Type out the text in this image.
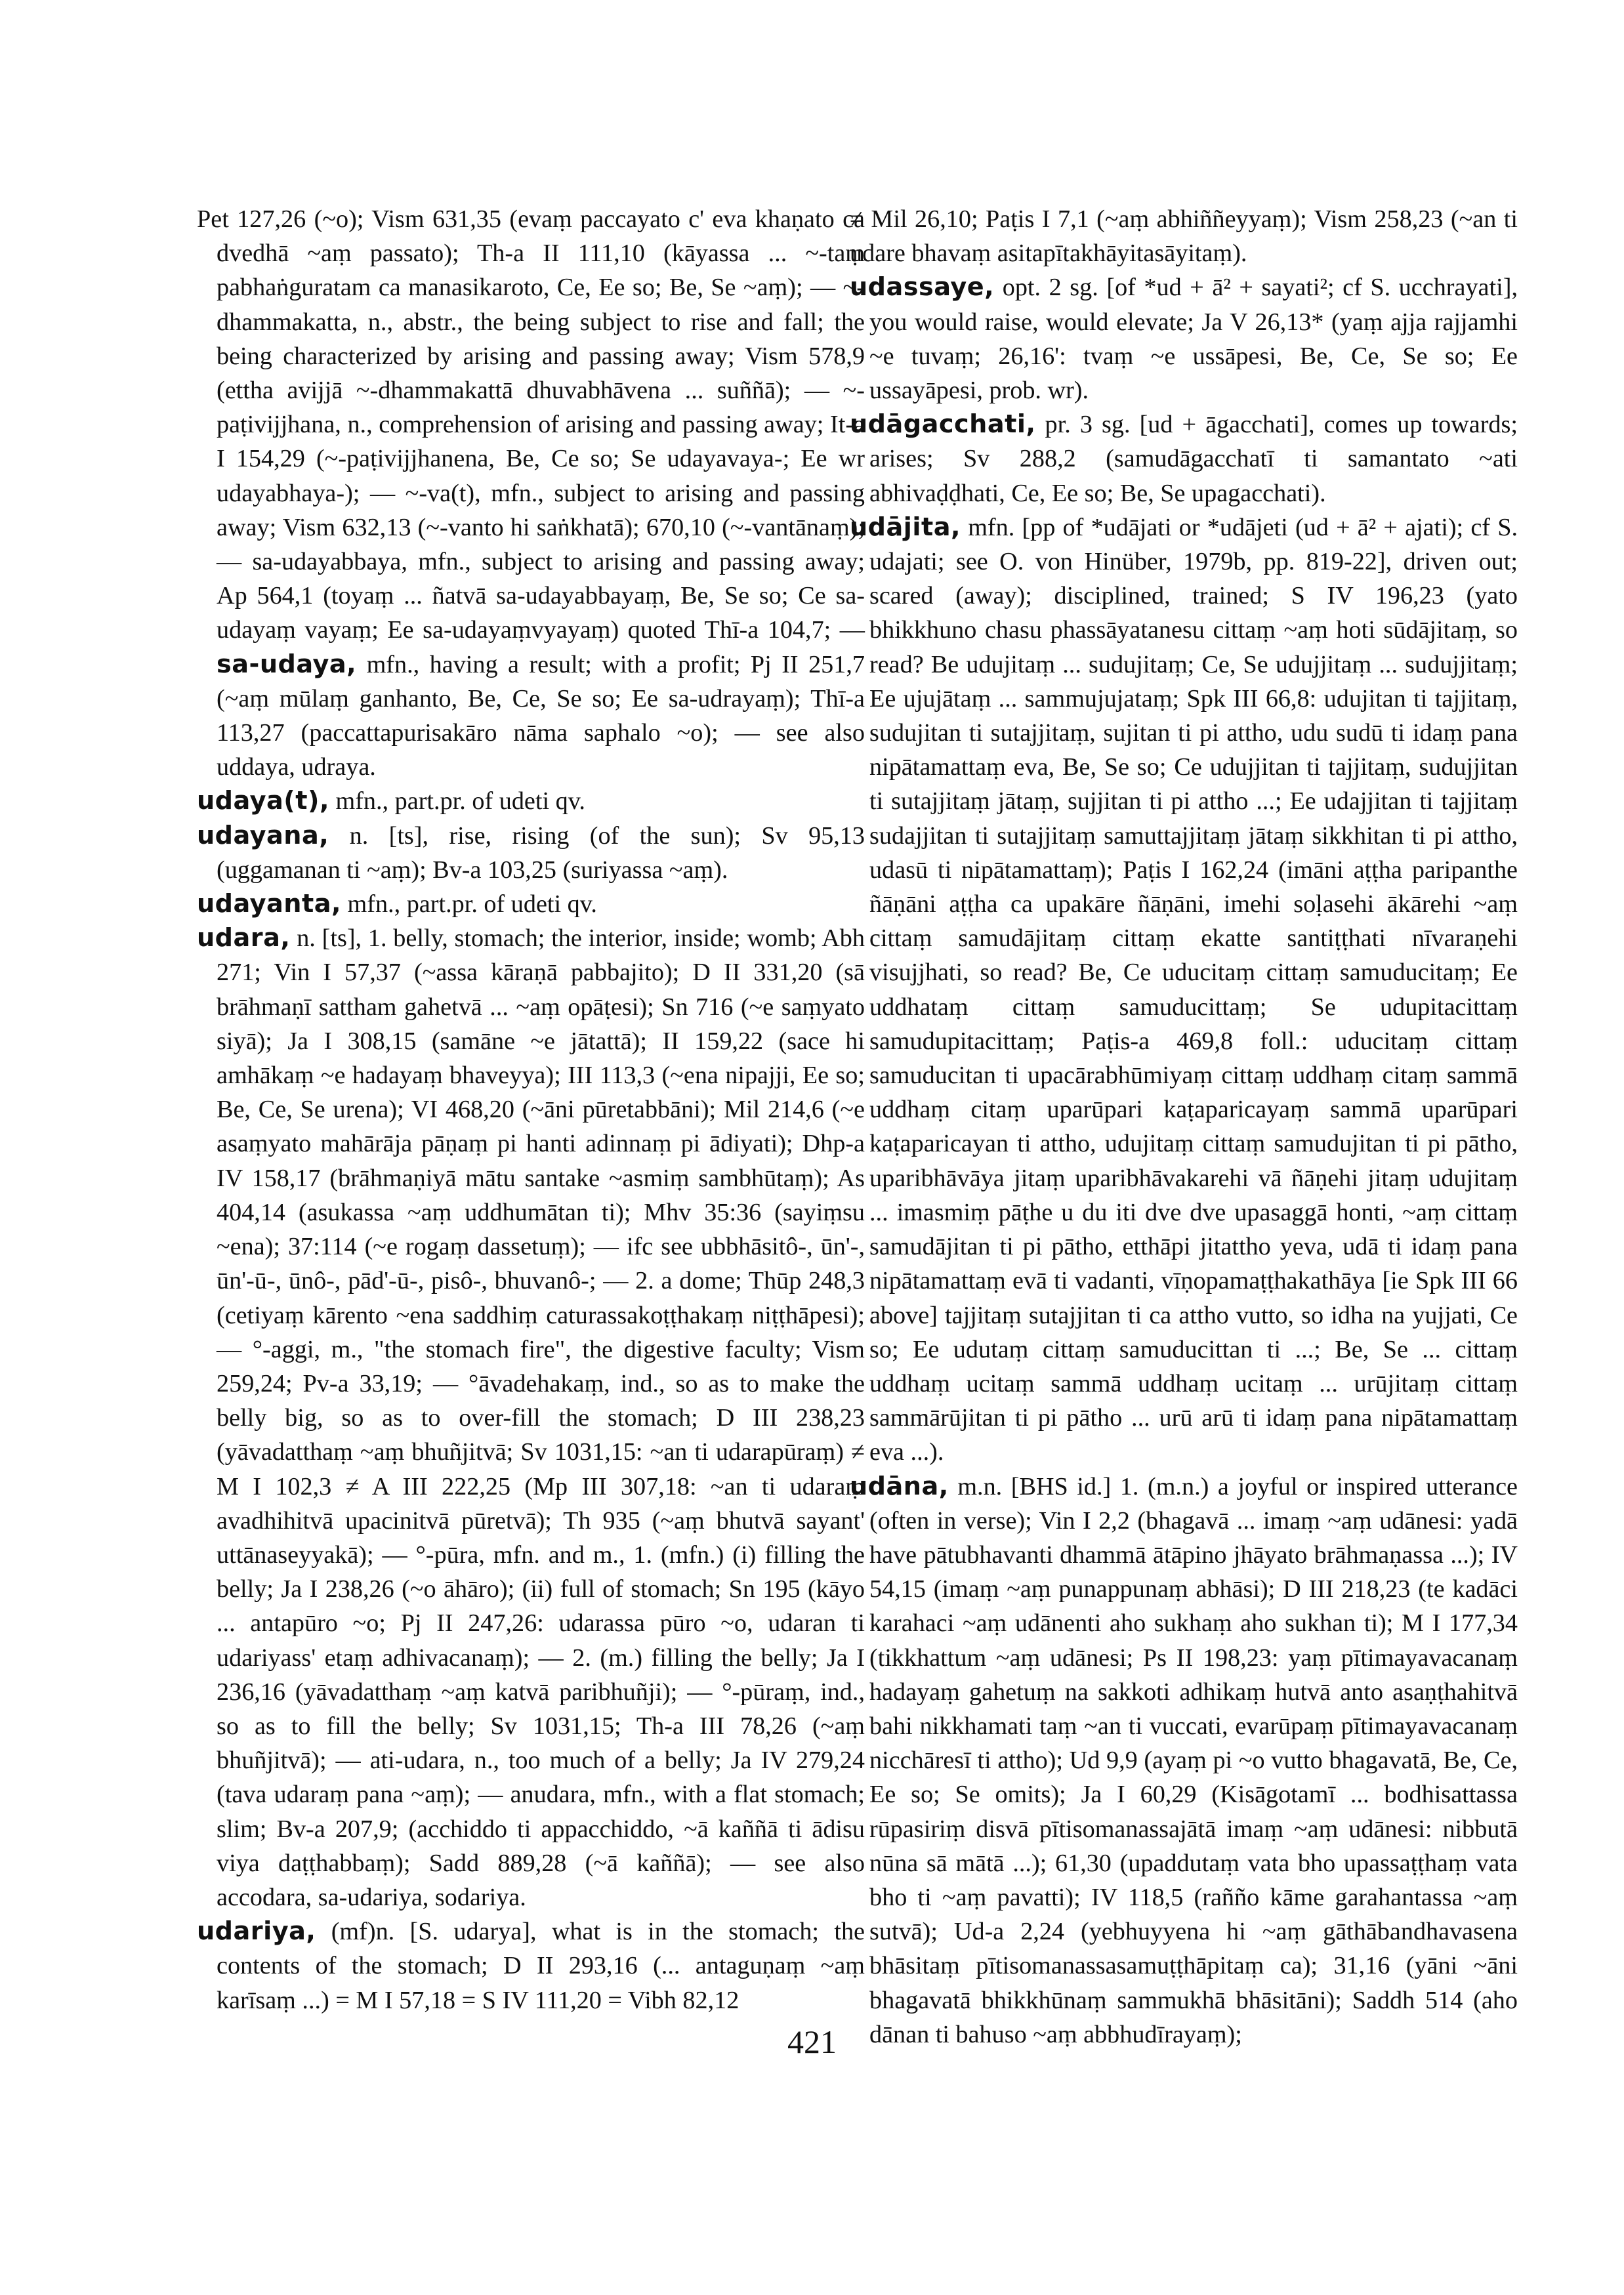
Pet 127,26 (~o); Vism 631,35 (evaṃ paccayato c' eva khaṇato ca dvedhā ~aṃ passato); Th-a II 111,10 (kāyassa ... ~-taṃ pabhaṅguratam ca manasikaroto, Ce, Ee so; Be, Se ~aṃ); — ~-dhammakatta, n., abstr., the being subject to rise and fall; the being characterized by arising and passing away; Vism 578,9 (ettha avijjā ~-dhammakattā dhuvabhāvena ... suññā); — ~-paṭivijjhana, n., comprehension of arising and passing away; It-a I 154,29 (~-paṭivijjhanena, Be, Ce so; Se udayavaya-; Ee wr udayabhaya-); — ~-va(t), mfn., subject to arising and passing away; Vism 632,13 (~-vanto hi saṅkhatā); 670,10 (~-vantānaṃ); — sa-udayabbaya, mfn., subject to arising and passing away; Ap 564,1 (toyaṃ ... ñatvā sa-udayabbayaṃ, Be, Se so; Ce sa-udayaṃ vayaṃ; Ee sa-udayaṃvyayaṃ) quoted Thī-a 104,7; — sa-udaya, mfn., having a result; with a profit; Pj II 251,7 (~aṃ mūlaṃ ganhanto, Be, Ce, Se so; Ee sa-udrayaṃ); Thī-a 113,27 (paccattapurisakāro nāma saphalo ~o); — see also uddaya, udraya.

udaya(t), mfn., part.pr. of udeti qv.

udayana, n. [ts], rise, rising (of the sun); Sv 95,13 (uggamanan ti ~aṃ); Bv-a 103,25 (suriyassa ~aṃ).

udayanta, mfn., part.pr. of udeti qv.

udara, n. [ts], 1. belly, stomach; the interior, inside; womb; Abh 271; Vin I 57,37 (~assa kāraṇā pabbajito); D II 331,20 (sā brāhmaṇī sattham gahetvā ... ~aṃ opāṭesi); Sn 716 (~e saṃyato siyā); Ja I 308,15 (samāne ~e jātattā); II 159,22 (sace hi amhākaṃ ~e hadayaṃ bhaveyya); III 113,3 (~ena nipajji, Ee so; Be, Ce, Se urena); VI 468,20 (~āni pūretabbāni); Mil 214,6 (~e asaṃyato mahārāja pāṇaṃ pi hanti adinnaṃ pi ādiyati); Dhp-a IV 158,17 (brāhmaṇiyā mātu santake ~asmiṃ sambhūtaṃ); As 404,14 (asukassa ~aṃ uddhumātan ti); Mhv 35:36 (sayiṃsu ~ena); 37:114 (~e rogaṃ dassetuṃ); — ifc see ubbhāsitô-, ūn'-, ūn'-ū-, ūnô-, pād'-ū-, pisô-, bhuvanô-; — 2. a dome; Thūp 248,3 (cetiyaṃ kārento ~ena saddhiṃ caturassakoṭṭhakaṃ niṭṭhāpesi); — °-aggi, m., "the stomach fire", the digestive faculty; Vism 259,24; Pv-a 33,19; — °āvadehakaṃ, ind., so as to make the belly big, so as to over-fill the stomach; D III 238,23 (yāvadatthaṃ ~aṃ bhuñjitvā; Sv 1031,15: ~an ti udarapūraṃ) ≠ M I 102,3 ≠ A III 222,25 (Mp III 307,18: ~an ti udaraṃ avadhihitvā upacinitvā pūretvā); Th 935 (~aṃ bhutvā sayant' uttānaseyyakā); — °-pūra, mfn. and m., 1. (mfn.) (i) filling the belly; Ja I 238,26 (~o āhāro); (ii) full of stomach; Sn 195 (kāyo ... antapūro ~o; Pj II 247,26: udarassa pūro ~o, udaran ti udariyass' etaṃ adhivacanaṃ); — 2. (m.) filling the belly; Ja I 236,16 (yāvadatthaṃ ~aṃ katvā paribhuñji); — °-pūraṃ, ind., so as to fill the belly; Sv 1031,15; Th-a III 78,26 (~aṃ bhuñjitvā); — ati-udara, n., too much of a belly; Ja IV 279,24 (tava udaraṃ pana ~aṃ); — anudara, mfn., with a flat stomach; slim; Bv-a 207,9; (acchiddo ti appacchiddo, ~ā kaññā ti ādisu viya daṭṭhabbaṃ); Sadd 889,28 (~ā kaññā); — see also accodara, sa-udariya, sodariya.

udariya, (mf)n. [S. udarya], what is in the stomach; the contents of the stomach; D II 293,16 (... antaguṇaṃ ~aṃ karīsaṃ ...) = M I 57,18 = S IV 111,20 = Vibh 82,12

≠ Mil 26,10; Paṭis I 7,1 (~aṃ abhiññeyyaṃ); Vism 258,23 (~an ti udare bhavaṃ asitapītakhāyitasāyitaṃ).

udassaye, opt. 2 sg. [of *ud + ā² + sayati²; cf S. ucchrayati], you would raise, would elevate; Ja V 26,13* (yaṃ ajja rajjamhi ~e tuvaṃ; 26,16': tvaṃ ~e ussāpesi, Be, Ce, Se so; Ee ussayāpesi, prob. wr).

udāgacchati, pr. 3 sg. [ud + āgacchati], comes up towards; arises; Sv 288,2 (samudāgacchatī ti samantato ~ati abhivaḍḍhati, Ce, Ee so; Be, Se upagacchati).

udājita, mfn. [pp of *udājati or *udājeti (ud + ā² + ajati); cf S. udajati; see O. von Hinüber, 1979b, pp. 819-22], driven out; scared (away); disciplined, trained; S IV 196,23 (yato bhikkhuno chasu phassāyatanesu cittaṃ ~aṃ hoti sūdājitaṃ, so read? Be udujitaṃ ... sudujitaṃ; Ce, Se udujjitaṃ ... sudujjitaṃ; Ee ujujātaṃ ... sammujujataṃ; Spk III 66,8: udujitan ti tajjitaṃ, sudujitan ti sutajjitaṃ, sujitan ti pi attho, udu sudū ti idaṃ pana nipātamattaṃ eva, Be, Se so; Ce udujjitan ti tajjitaṃ, sudujjitan ti sutajjitaṃ jātaṃ, sujjitan ti pi attho ...; Ee udajjitan ti tajjitaṃ sudajjitan ti sutajjitaṃ samuttajjitaṃ jātaṃ sikkhitan ti pi attho, udasū ti nipātamattaṃ); Paṭis I 162,24 (imāni aṭṭha paripanthe ñāṇāni aṭṭha ca upakāre ñāṇāni, imehi soḷasehi ākārehi ~aṃ cittaṃ samudājitaṃ cittaṃ ekatte santiṭṭhati nīvaraṇehi visujjhati, so read? Be, Ce uducitaṃ cittaṃ samuducitaṃ; Ee uddhataṃ cittaṃ samuducittaṃ; Se udupitacittaṃ samudupitacittaṃ; Paṭis-a 469,8 foll.: uducitaṃ cittaṃ samuducitan ti upacārabhūmiyaṃ cittaṃ uddhaṃ citaṃ sammā uddhaṃ citaṃ uparūpari kaṭaparicayaṃ sammā uparūpari kaṭaparicayan ti attho, udujitaṃ cittaṃ samudujitan ti pi pātho, uparibhāvāya jitaṃ uparibhāvakarehi vā ñāṇehi jitaṃ udujitaṃ ... imasmiṃ pāṭhe u du iti dve dve upasaggā honti, ~aṃ cittaṃ samudājitan ti pi pātho, etthāpi jitattho yeva, udā ti idaṃ pana nipātamattaṃ evā ti vadanti, vīṇopamaṭṭhakathāya [ie Spk III 66 above] tajjitaṃ sutajjitan ti ca attho vutto, so idha na yujjati, Ce so; Ee udutaṃ cittaṃ samuducittan ti ...; Be, Se ... cittaṃ uddhaṃ ucitaṃ sammā uddhaṃ ucitaṃ ... urūjitaṃ cittaṃ sammārūjitan ti pi pātho ... urū arū ti idaṃ pana nipātamattaṃ eva ...).

udāna, m.n. [BHS id.] 1. (m.n.) a joyful or inspired utterance (often in verse); Vin I 2,2 (bhagavā ... imaṃ ~aṃ udānesi: yadā have pātubhavanti dhammā ātāpino jhāyato brāhmaṇassa ...); IV 54,15 (imaṃ ~aṃ punappunaṃ abhāsi); D III 218,23 (te kadāci karahaci ~aṃ udānenti aho sukhaṃ aho sukhan ti); M I 177,34 (tikkhattum ~aṃ udānesi; Ps II 198,23: yaṃ pītimayavacanaṃ hadayaṃ gahetuṃ na sakkoti adhikaṃ hutvā anto asaṇṭhahitvā bahi nikkhamati taṃ ~an ti vuccati, evarūpaṃ pītimayavacanaṃ nicchāresī ti attho); Ud 9,9 (ayaṃ pi ~o vutto bhagavatā, Be, Ce, Ee so; Se omits); Ja I 60,29 (Kisāgotamī ... bodhisattassa rūpasiriṃ disvā pītisomanassajātā imaṃ ~aṃ udānesi: nibbutā nūna sā mātā ...); 61,30 (upaddutaṃ vata bho upassaṭṭhaṃ vata bho ti ~aṃ pavatti); IV 118,5 (rañño kāme garahantassa ~aṃ sutvā); Ud-a 2,24 (yebhuyyena hi ~aṃ gāthābandhavasena bhāsitaṃ pītisomanassasamuṭṭhāpitaṃ ca); 31,16 (yāni ~āni bhagavatā bhikkhūnaṃ sammukhā bhāsitāni); Saddh 514 (aho dānan ti bahuso ~aṃ abbhudīrayaṃ);

421
